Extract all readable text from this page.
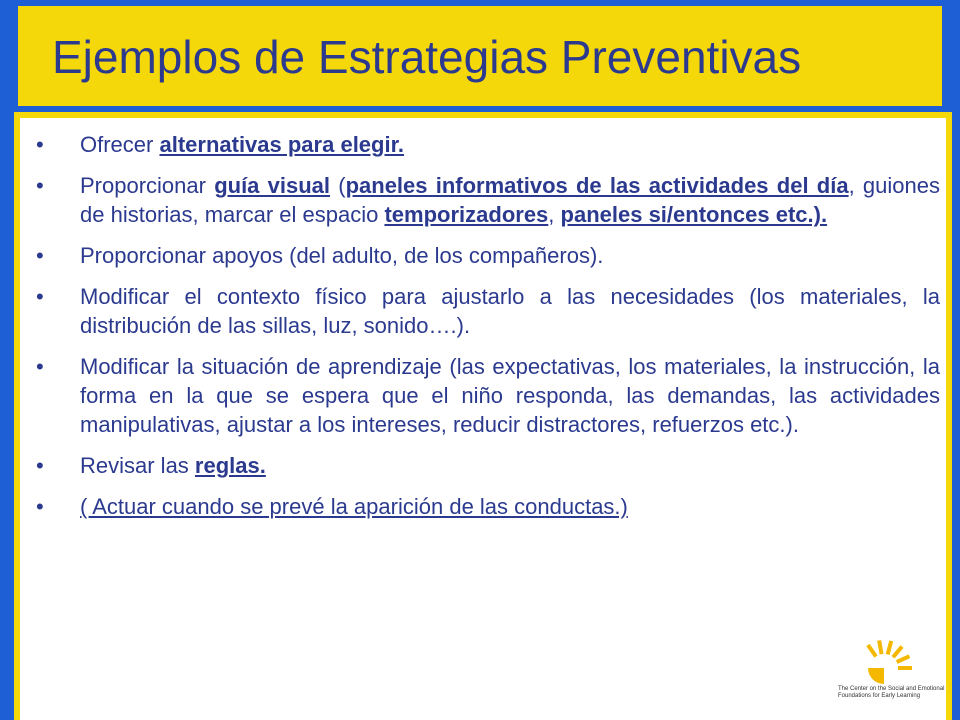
Ejemplos de Estrategias Preventivas
•	Ofrecer alternativas para elegir.
•	Proporcionar guía visual (paneles informativos de las actividades del día, guiones de historias, marcar el espacio temporizadores, paneles si/entonces etc.).
•	Proporcionar apoyos (del adulto, de los compañeros).
•	Modificar el contexto físico para ajustarlo a las necesidades (los materiales, la distribución de las sillas, luz, sonido….).
•	Modificar la situación de aprendizaje (las expectativas, los materiales, la instrucción, la forma en la que se espera que el niño responda, las demandas, las actividades manipulativas, ajustar a los intereses, reducir distractores, refuerzos etc.).
•	Revisar las reglas.
•	( Actuar cuando se prevé la aparición de las conductas.)
The Center on the Social and Emotional Foundations for Early Learning
